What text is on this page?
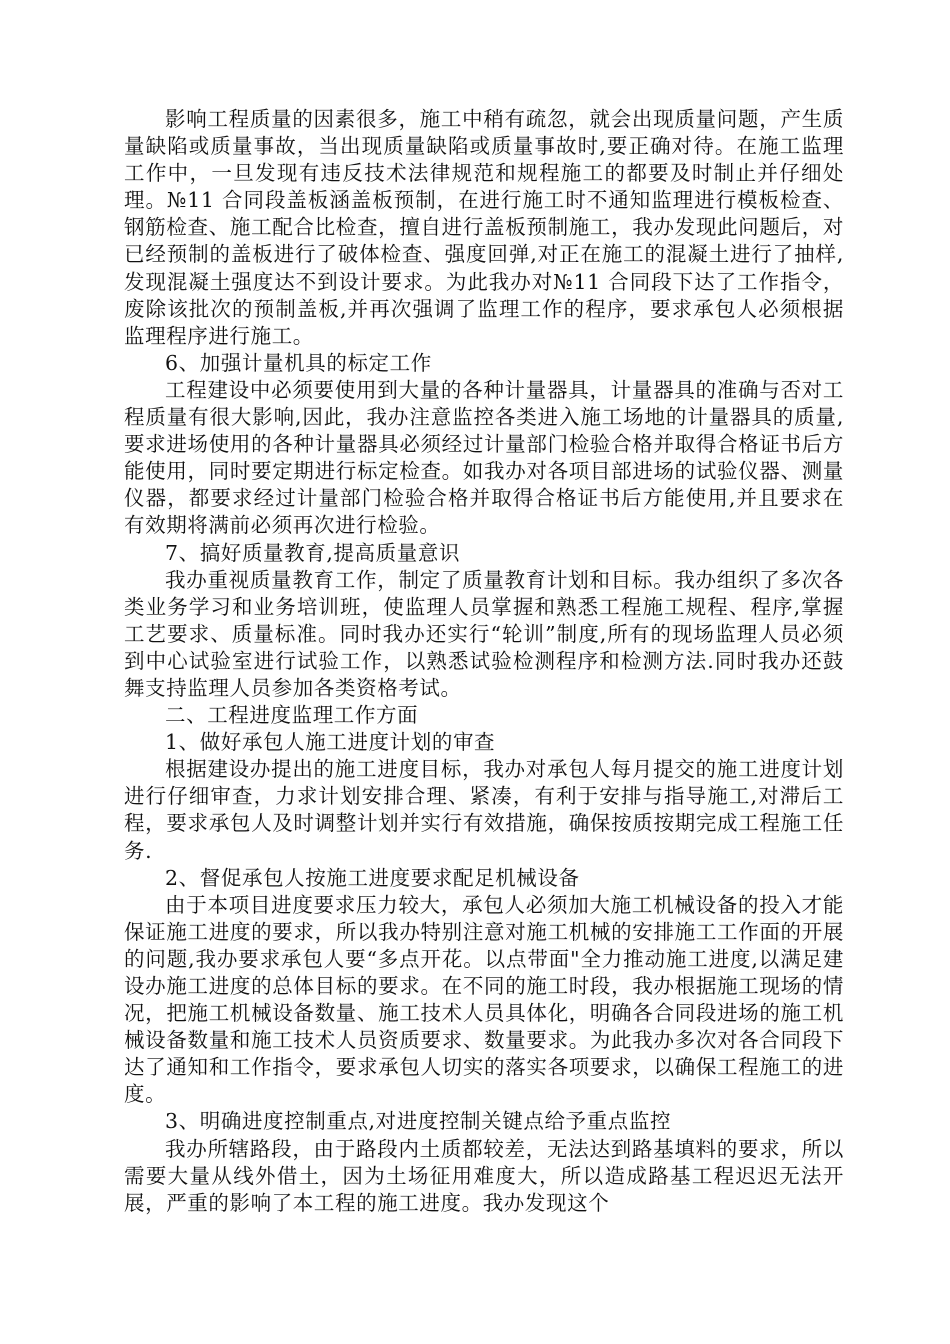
影响工程质量的因素很多，施工中稍有疏忽，就会出现质量问题，产生质量缺陷或质量事故，当出现质量缺陷或质量事故时,要正确对待。在施工监理工作中，一旦发现有违反技术法律规范和规程施工的都要及时制止并仔细处理。№11 合同段盖板涵盖板预制，在进行施工时不通知监理进行模板检查、钢筋检查、施工配合比检查，擅自进行盖板预制施工，我办发现此问题后，对已经预制的盖板进行了破体检查、强度回弹,对正在施工的混凝土进行了抽样,发现混凝土强度达不到设计要求。为此我办对№11 合同段下达了工作指令，废除该批次的预制盖板,并再次强调了监理工作的程序，要求承包人必须根据监理程序进行施工。

6、加强计量机具的标定工作

工程建设中必须要使用到大量的各种计量器具，计量器具的准确与否对工程质量有很大影响,因此，我办注意监控各类进入施工场地的计量器具的质量,要求进场使用的各种计量器具必须经过计量部门检验合格并取得合格证书后方能使用，同时要定期进行标定检查。如我办对各项目部进场的试验仪器、测量仪器，都要求经过计量部门检验合格并取得合格证书后方能使用,并且要求在有效期将满前必须再次进行检验。

7、搞好质量教育,提高质量意识

我办重视质量教育工作，制定了质量教育计划和目标。我办组织了多次各类业务学习和业务培训班，使监理人员掌握和熟悉工程施工规程、程序,掌握工艺要求、质量标准。同时我办还实行“轮训”制度,所有的现场监理人员必须到中心试验室进行试验工作，以熟悉试验检测程序和检测方法.同时我办还鼓舞支持监理人员参加各类资格考试。

二、工程进度监理工作方面

1、做好承包人施工进度计划的审查

根据建设办提出的施工进度目标，我办对承包人每月提交的施工进度计划进行仔细审查，力求计划安排合理、紧凑，有利于安排与指导施工,对滞后工程，要求承包人及时调整计划并实行有效措施，确保按质按期完成工程施工任务.

2、督促承包人按施工进度要求配足机械设备

由于本项目进度要求压力较大，承包人必须加大施工机械设备的投入才能保证施工进度的要求，所以我办特别注意对施工机械的安排施工工作面的开展的问题,我办要求承包人要“多点开花。以点带面"全力推动施工进度,以满足建设办施工进度的总体目标的要求。在不同的施工时段，我办根据施工现场的情况，把施工机械设备数量、施工技术人员具体化，明确各合同段进场的施工机械设备数量和施工技术人员资质要求、数量要求。为此我办多次对各合同段下达了通知和工作指令，要求承包人切实的落实各项要求，以确保工程施工的进度。

3、明确进度控制重点,对进度控制关键点给予重点监控

我办所辖路段，由于路段内土质都较差，无法达到路基填料的要求，所以需要大量从线外借土，因为土场征用难度大，所以造成路基工程迟迟无法开展，严重的影响了本工程的施工进度。我办发现这个
